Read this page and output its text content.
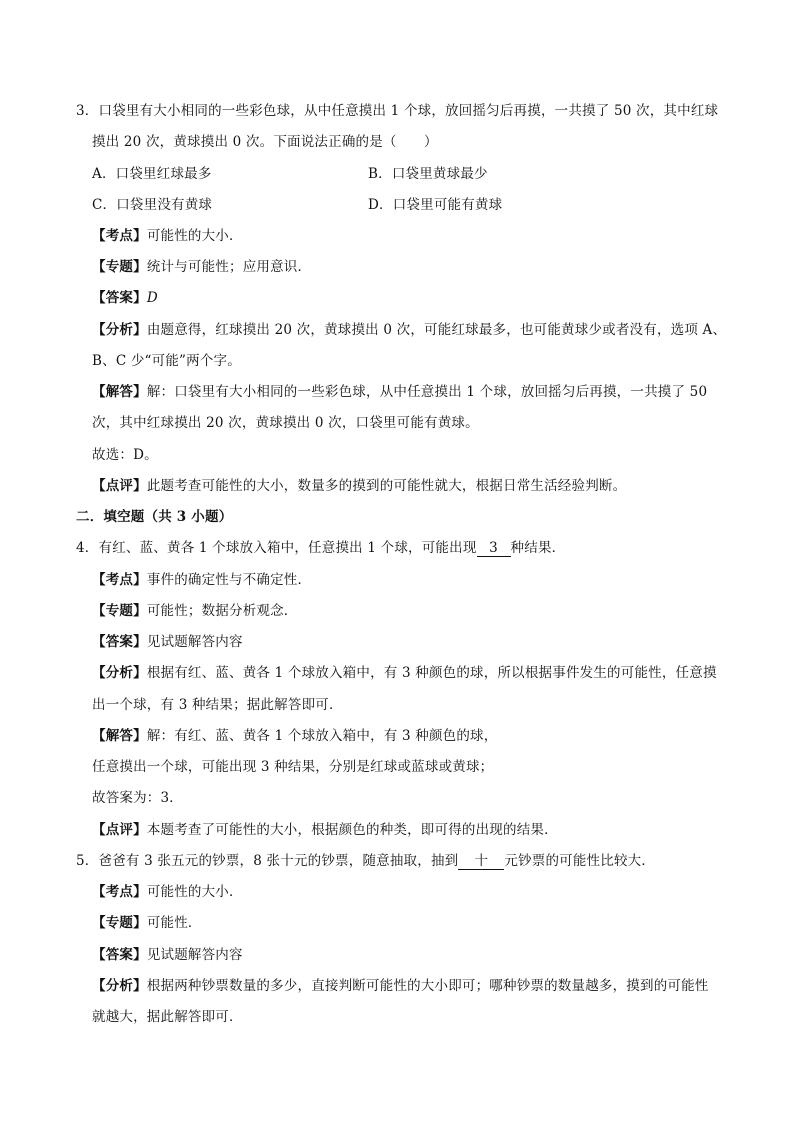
3．口袋里有大小相同的一些彩色球，从中任意摸出 1 个球，放回摇匀后再摸，一共摸了 50 次，其中红球
摸出 20 次，黄球摸出 0 次。下面说法正确的是（　　）
A．口袋里红球最多	B．口袋里黄球最少
C．口袋里没有黄球	D．口袋里可能有黄球
【考点】可能性的大小．
【专题】统计与可能性；应用意识．
【答案】D
【分析】由题意得，红球摸出 20 次，黄球摸出 0 次，可能红球最多，也可能黄球少或者没有，选项 A、
B、C 少“可能”两个字。
【解答】解：口袋里有大小相同的一些彩色球，从中任意摸出 1 个球，放回摇匀后再摸，一共摸了 50
次，其中红球摸出 20 次，黄球摸出 0 次，口袋里可能有黄球。
故选：D。
【点评】此题考查可能性的大小，数量多的摸到的可能性就大，根据日常生活经验判断。
二．填空题（共 3 小题）
4．有红、蓝、黄各 1 个球放入箱中，任意摸出 1 个球，可能出现 3 种结果．
【考点】事件的确定性与不确定性．
【专题】可能性；数据分析观念．
【答案】见试题解答内容
【分析】根据有红、蓝、黄各 1 个球放入箱中，有 3 种颜色的球，所以根据事件发生的可能性，任意摸
出一个球，有 3 种结果；据此解答即可．
【解答】解：有红、蓝、黄各 1 个球放入箱中，有 3 种颜色的球，
任意摸出一个球，可能出现 3 种结果，分别是红球或蓝球或黄球；
故答案为：3．
【点评】本题考查了可能性的大小，根据颜色的种类，即可得的出现的结果．
5．爸爸有 3 张五元的钞票，8 张十元的钞票，随意抽取，抽到 十 元钞票的可能性比较大．
【考点】可能性的大小．
【专题】可能性．
【答案】见试题解答内容
【分析】根据两种钞票数量的多少，直接判断可能性的大小即可；哪种钞票的数量越多，摸到的可能性
就越大，据此解答即可．
